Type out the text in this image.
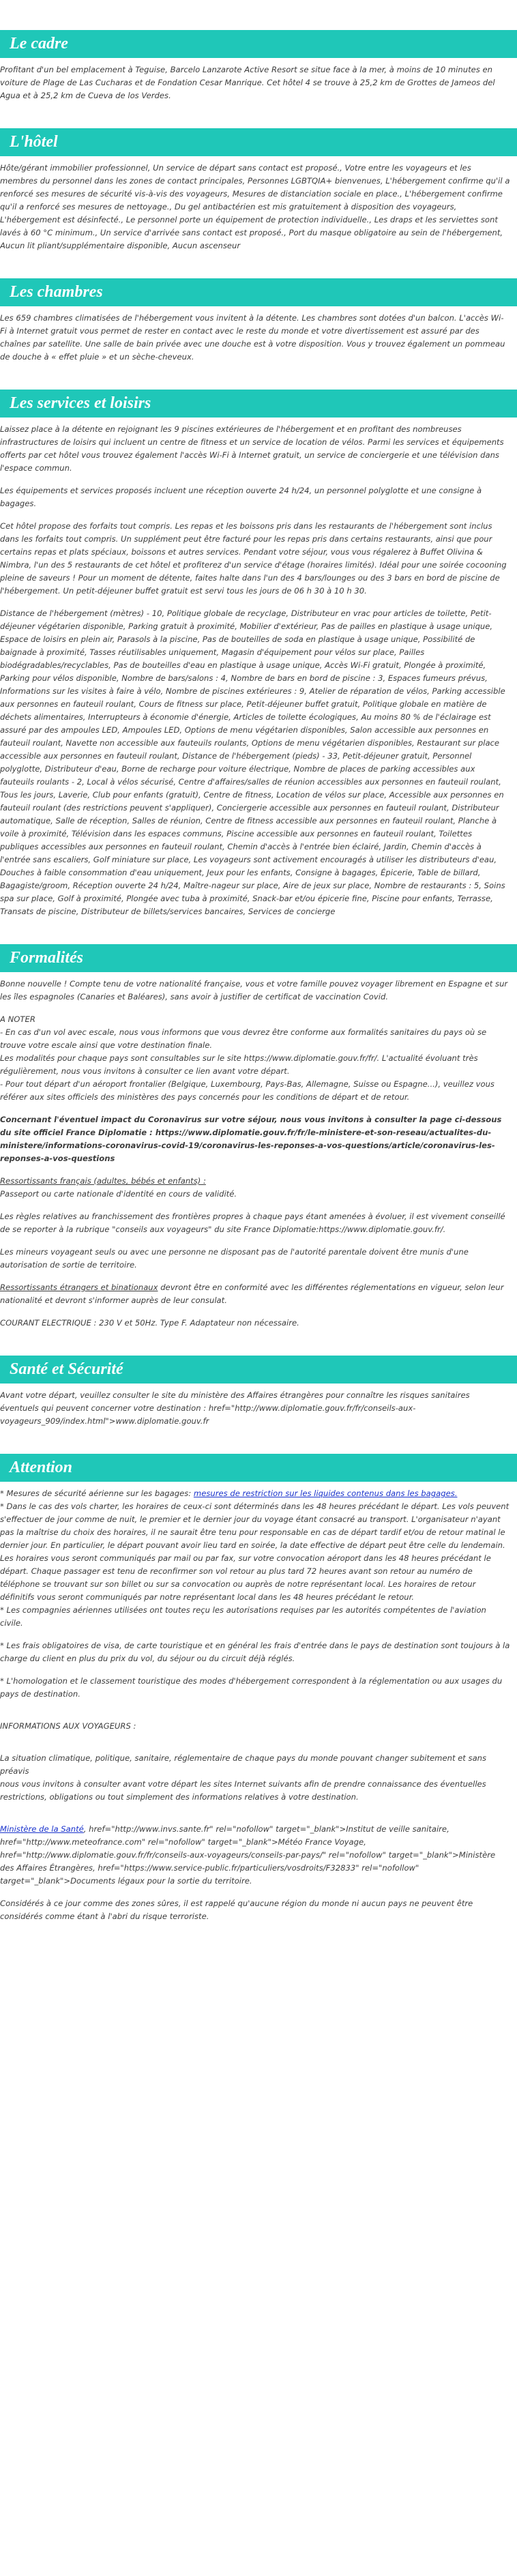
Le cadre

Profitant d'un bel emplacement à Teguise, Barcelo Lanzarote Active Resort se situe face à la mer, à moins de 10 minutes en voiture de Plage de Las Cucharas et de Fondation Cesar Manrique. Cet hôtel 4 se trouve à 25,2 km de Grottes de Jameos del Agua et à 25,2 km de Cueva de los Verdes.

L'hôtel

Hôte/gérant immobilier professionnel, Un service de départ sans contact est proposé., Votre entre les voyageurs et les membres du personnel dans les zones de contact principales, Personnes LGBTQIA+ bienvenues, L'hébergement confirme qu'il a renforcé ses mesures de sécurité vis-à-vis des voyageurs, Mesures de distanciation sociale en place., L'hébergement confirme qu'il a renforcé ses mesures de nettoyage., Du gel antibactérien est mis gratuitement à disposition des voyageurs, L'hébergement est désinfecté., Le personnel porte un équipement de protection individuelle., Les draps et les serviettes sont lavés à 60 °C minimum., Un service d'arrivée sans contact est proposé., Port du masque obligatoire au sein de l'hébergement, Aucun lit pliant/supplémentaire disponible, Aucun ascenseur

Les chambres

Les 659 chambres climatisées de l'hébergement vous invitent à la détente. Les chambres sont dotées d'un balcon. L'accès Wi-Fi à Internet gratuit vous permet de rester en contact avec le reste du monde et votre divertissement est assuré par des chaînes par satellite. Une salle de bain privée avec une douche est à votre disposition. Vous y trouvez également un pommeau de douche à « effet pluie » et un sèche-cheveux.

Les services et loisirs

Laissez place à la détente en rejoignant les 9 piscines extérieures de l'hébergement et en profitant des nombreuses infrastructures de loisirs qui incluent un centre de fitness et un service de location de vélos. Parmi les services et équipements offerts par cet hôtel vous trouvez également l'accès Wi-Fi à Internet gratuit, un service de conciergerie et une télévision dans l'espace commun.

Les équipements et services proposés incluent une réception ouverte 24 h/24, un personnel polyglotte et une consigne à bagages.

Cet hôtel propose des forfaits tout compris. Les repas et les boissons pris dans les restaurants de l'hébergement sont inclus dans les forfaits tout compris. Un supplément peut être facturé pour les repas pris dans certains restaurants, ainsi que pour certains repas et plats spéciaux, boissons et autres services. Pendant votre séjour, vous vous régalerez à Buffet Olivina & Nimbra, l'un des 5 restaurants de cet hôtel et profiterez d'un service d'étage (horaires limités). Idéal pour une soirée cocooning pleine de saveurs ! Pour un moment de détente, faites halte dans l'un des 4 bars/lounges ou des 3 bars en bord de piscine de l'hébergement. Un petit-déjeuner buffet gratuit est servi tous les jours de 06 h 30 à 10 h 30.

Distance de l'hébergement (mètres) - 10, Politique globale de recyclage, Distributeur en vrac pour articles de toilette, Petit-déjeuner végétarien disponible, Parking gratuit à proximité, Mobilier d'extérieur, Pas de pailles en plastique à usage unique, Espace de loisirs en plein air, Parasols à la piscine, Pas de bouteilles de soda en plastique à usage unique, Possibilité de baignade à proximité, Tasses réutilisables uniquement, Magasin d'équipement pour vélos sur place, Pailles biodégradables/recyclables, Pas de bouteilles d'eau en plastique à usage unique, Accès Wi-Fi gratuit, Plongée à proximité, Parking pour vélos disponible, Nombre de bars/salons : 4, Nombre de bars en bord de piscine : 3, Espaces fumeurs prévus, Informations sur les visites à faire à vélo, Nombre de piscines extérieures : 9, Atelier de réparation de vélos, Parking accessible aux personnes en fauteuil roulant, Cours de fitness sur place, Petit-déjeuner buffet gratuit, Politique globale en matière de déchets alimentaires, Interrupteurs à économie d'énergie, Articles de toilette écologiques, Au moins 80 % de l'éclairage est assuré par des ampoules LED, Ampoules LED, Options de menu végétarien disponibles, Salon accessible aux personnes en fauteuil roulant, Navette non accessible aux fauteuils roulants, Options de menu végétarien disponibles, Restaurant sur place accessible aux personnes en fauteuil roulant, Distance de l'hébergement (pieds) - 33, Petit-déjeuner gratuit, Personnel polyglotte, Distributeur d'eau, Borne de recharge pour voiture électrique, Nombre de places de parking accessibles aux fauteuils roulants - 2, Local à vélos sécurisé, Centre d'affaires/salles de réunion accessibles aux personnes en fauteuil roulant, Tous les jours, Laverie, Club pour enfants (gratuit), Centre de fitness, Location de vélos sur place, Accessible aux personnes en fauteuil roulant (des restrictions peuvent s'appliquer), Conciergerie accessible aux personnes en fauteuil roulant, Distributeur automatique, Salle de réception, Salles de réunion, Centre de fitness accessible aux personnes en fauteuil roulant, Planche à voile à proximité, Télévision dans les espaces communs, Piscine accessible aux personnes en fauteuil roulant, Toilettes publiques accessibles aux personnes en fauteuil roulant, Chemin d'accès à l'entrée bien éclairé, Jardin, Chemin d'accès à l'entrée sans escaliers, Golf miniature sur place, Les voyageurs sont activement encouragés à utiliser les distributeurs d'eau, Douches à faible consommation d'eau uniquement, Jeux pour les enfants, Consigne à bagages, Épicerie, Table de billard, Bagagiste/groom, Réception ouverte 24 h/24, Maître-nageur sur place, Aire de jeux sur place, Nombre de restaurants : 5, Soins spa sur place, Golf à proximité, Plongée avec tuba à proximité, Snack-bar et/ou épicerie fine, Piscine pour enfants, Terrasse, Transats de piscine, Distributeur de billets/services bancaires, Services de concierge

Formalités

Bonne nouvelle ! Compte tenu de votre nationalité française, vous et votre famille pouvez voyager librement en Espagne et sur les îles espagnoles (Canaries et Baléares), sans avoir à justifier de certificat de vaccination Covid.

A NOTER

- En cas d'un vol avec escale, nous vous informons que vous devrez être conforme aux formalités sanitaires du pays où se trouve votre escale ainsi que votre destination finale.

Les modalités pour chaque pays sont consultables sur le site https://www.diplomatie.gouv.fr/fr/. L'actualité évoluant très régulièrement, nous vous invitons à consulter ce lien avant votre départ.

- Pour tout départ d'un aéroport frontalier (Belgique, Luxembourg, Pays-Bas, Allemagne, Suisse ou Espagne...), veuillez vous référer aux sites officiels des ministères des pays concernés pour les conditions de départ et de retour.

Concernant l'éventuel impact du Coronavirus sur votre séjour, nous vous invitons à consulter la page ci-dessous du site officiel France Diplomatie : https://www.diplomatie.gouv.fr/fr/le-ministere-et-son-reseau/actualites-du-ministere/informations-coronavirus-covid-19/coronavirus-les-reponses-a-vos-questions/article/coronavirus-les-reponses-a-vos-questions

Ressortissants français (adultes, bébés et enfants) :

Passeport ou carte nationale d'identité en cours de validité.

Les règles relatives au franchissement des frontières propres à chaque pays étant amenées à évoluer, il est vivement conseillé de se reporter à la rubrique "conseils aux voyageurs" du site France Diplomatie:https://www.diplomatie.gouv.fr/.

Les mineurs voyageant seuls ou avec une personne ne disposant pas de l'autorité parentale doivent être munis d'une autorisation de sortie de territoire.

Ressortissants étrangers et binationaux devront être en conformité avec les différentes réglementations en vigueur, selon leur nationalité et devront s'informer auprès de leur consulat.

COURANT ELECTRIQUE : 230 V et 50Hz. Type F. Adaptateur non nécessaire.

Santé et Sécurité

Avant votre départ, veuillez consulter le site du ministère des Affaires étrangères pour connaître les risques sanitaires éventuels qui peuvent concerner votre destination : href="http://www.diplomatie.gouv.fr/fr/conseils-aux-voyageurs_909/index.html">www.diplomatie.gouv.fr

Attention

* Mesures de sécurité aérienne sur les bagages: mesures de restriction sur les liquides contenus dans les bagages.

* Dans le cas des vols charter, les horaires de ceux-ci sont déterminés dans les 48 heures précédant le départ. Les vols peuvent s'effectuer de jour comme de nuit, le premier et le dernier jour du voyage étant consacré au transport. L'organisateur n'ayant pas la maîtrise du choix des horaires, il ne saurait être tenu pour responsable en cas de départ tardif et/ou de retour matinal le dernier jour. En particulier, le départ pouvant avoir lieu tard en soirée, la date effective de départ peut être celle du lendemain. Les horaires vous seront communiqués par mail ou par fax, sur votre convocation aéroport dans les 48 heures précédant le départ. Chaque passager est tenu de reconfirmer son vol retour au plus tard 72 heures avant son retour au numéro de téléphone se trouvant sur son billet ou sur sa convocation ou auprès de notre représentant local. Les horaires de retour définitifs vous seront communiqués par notre représentant local dans les 48 heures précédant le retour.

* Les compagnies aériennes utilisées ont toutes reçu les autorisations requises par les autorités compétentes de l'aviation civile.

* Les frais obligatoires de visa, de carte touristique et en général les frais d'entrée dans le pays de destination sont toujours à la charge du client en plus du prix du vol, du séjour ou du circuit déjà réglés.

* L'homologation et le classement touristique des modes d'hébergement correspondent à la réglementation ou aux usages du pays de destination.

INFORMATIONS AUX VOYAGEURS :

La situation climatique, politique, sanitaire, réglementaire de chaque pays du monde pouvant changer subitement et sans préavis

nous vous invitons à consulter avant votre départ les sites Internet suivants afin de prendre connaissance des éventuelles restrictions, obligations ou tout simplement des informations relatives à votre destination.

Ministère de la Santé, href="http://www.invs.sante.fr" rel="nofollow" target="_blank">Institut de veille sanitaire, href="http://www.meteofrance.com" rel="nofollow" target="_blank">Météo France Voyage, href="http://www.diplomatie.gouv.fr/fr/conseils-aux-voyageurs/conseils-par-pays/" rel="nofollow" target="_blank">Ministère des Affaires Étrangères, href="https://www.service-public.fr/particuliers/vosdroits/F32833" rel="nofollow" target="_blank">Documents légaux pour la sortie du territoire.

Considérés à ce jour comme des zones sûres, il est rappelé qu'aucune région du monde ni aucun pays ne peuvent être considérés comme étant à l'abri du risque terroriste.
